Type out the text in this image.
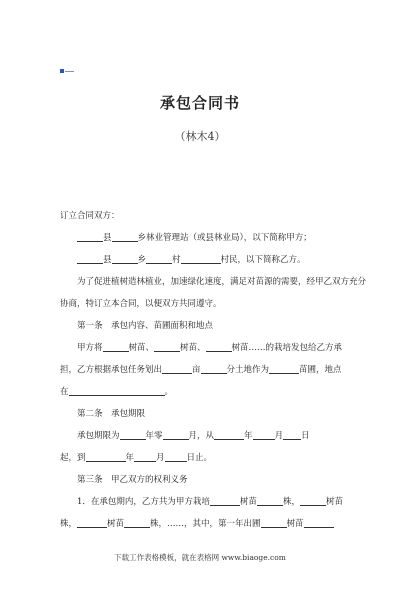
承包合同书
（林木4）
订立合同双方：
县	乡林业管理站（或县林业局），以下简称甲方；
县	乡	村	村民，以下简称乙方。
为了促进植树造林植业，加速绿化速度，满足对苗源的需要，经甲乙双方充分
协商，特订立本合同，以便双方共同遵守。
第一条　承包内容、苗圃面积和地点
甲方将	树苗、	树苗、	树苗……的栽培发包给乙方承
担，乙方根据承包任务划出	亩	分土地作为	苗圃，地点
在	。
第二条　承包期限
承包期限为	年零	月，从	年	月 日
起，到	年	月	日止。
第三条　甲乙双方的权利义务
1．在承包期内，乙方共为甲方栽培	树苗	株，	树苗
株，	树苗	株，……，其中，第一年出圃	树苗
下载工作表格模板，就在表格网 www.biaoge.com
